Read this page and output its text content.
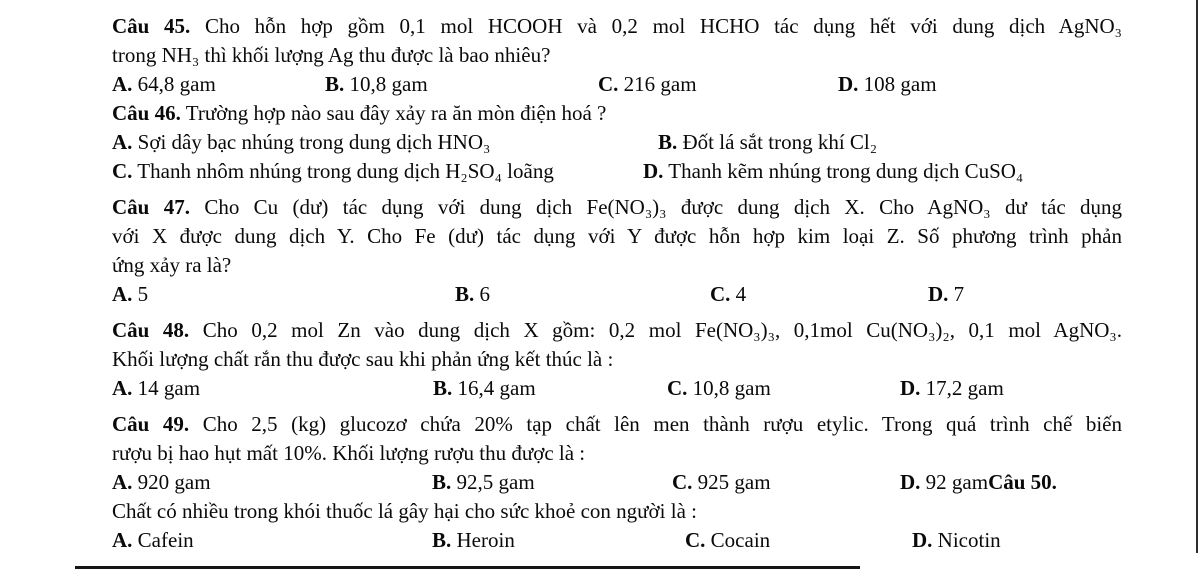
Câu 45. Cho hỗn hợp gồm 0,1 mol HCOOH và 0,2 mol HCHO tác dụng hết với dung dịch AgNO₃
trong NH₃ thì khối lượng Ag thu được là bao nhiêu?
A. 64,8 gam	B. 10,8 gam	C. 216 gam	D. 108 gam
Câu 46. Trường hợp nào sau đây xảy ra ăn mòn điện hoá ?
A. Sợi dây bạc nhúng trong dung dịch HNO₃	B. Đốt lá sắt trong khí Cl₂
C. Thanh nhôm nhúng trong dung dịch H₂SO₄ loãng	D. Thanh kẽm nhúng trong dung dịch CuSO₄
Câu 47. Cho Cu (dư) tác dụng với dung dịch Fe(NO₃)₃ được dung dịch X. Cho AgNO₃ dư tác dụng
với X được dung dịch Y. Cho Fe (dư) tác dụng với Y được hỗn hợp kim loại Z. Số phương trình phản
ứng xảy ra là?
A. 5	B. 6	C. 4	D. 7
Câu 48. Cho 0,2 mol Zn vào dung dịch X gồm: 0,2 mol Fe(NO₃)₃, 0,1mol Cu(NO₃)₂, 0,1 mol AgNO₃.
Khối lượng chất rắn thu được sau khi phản ứng kết thúc là :
A. 14 gam	B. 16,4 gam	C. 10,8 gam	D. 17,2 gam
Câu 49. Cho 2,5 (kg) glucozơ chứa 20% tạp chất lên men thành rượu etylic. Trong quá trình chế biến
rượu bị hao hụt mất 10%. Khối lượng rượu thu được là :
A. 920 gam	B. 92,5 gam	C. 925 gam	D. 92 gamCâu 50.
Chất có nhiều trong khói thuốc lá gây hại cho sức khoẻ con người là :
A. Cafein	B. Heroin	C. Cocain	D. Nicotin
